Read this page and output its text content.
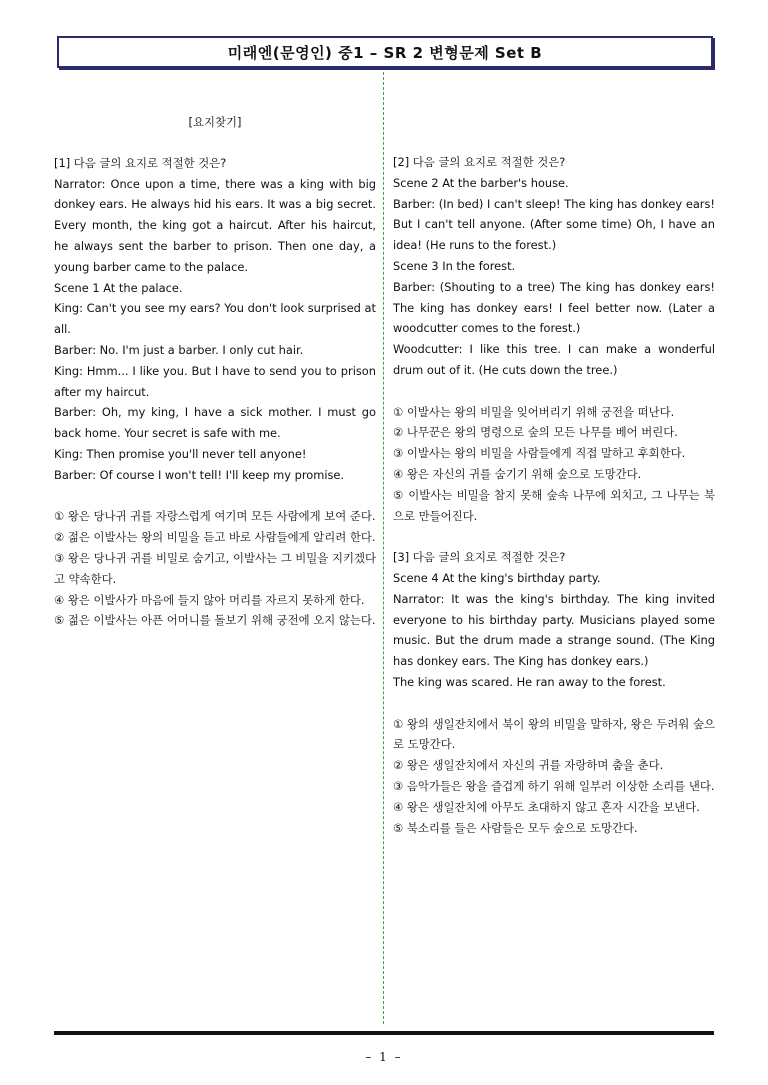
미래엔(문영인) 중1 – SR 2 변형문제 Set B

[요지찾기]

[1] 다음 글의 요지로 적절한 것은?

Narrator: Once upon a time, there was a king with big donkey ears. He always hid his ears. It was a big secret. Every month, the king got a haircut. After his haircut, he always sent the barber to prison. Then one day, a young barber came to the palace.

Scene 1 At the palace.

King: Can't you see my ears? You don't look surprised at all.

Barber: No. I'm just a barber. I only cut hair.

King: Hmm... I like you. But I have to send you to prison after my haircut.

Barber: Oh, my king, I have a sick mother. I must go back home. Your secret is safe with me.

King: Then promise you'll never tell anyone!

Barber: Of course I won't tell! I'll keep my promise.

① 왕은 당나귀 귀를 자랑스럽게 여기며 모든 사람에게 보여 준다.

② 젊은 이발사는 왕의 비밀을 듣고 바로 사람들에게 알리려 한다.

③ 왕은 당나귀 귀를 비밀로 숨기고, 이발사는 그 비밀을 지키겠다고 약속한다.

④ 왕은 이발사가 마음에 들지 않아 머리를 자르지 못하게 한다.

⑤ 젊은 이발사는 아픈 어머니를 돌보기 위해 궁전에 오지 않는다.

[2] 다음 글의 요지로 적절한 것은?

Scene 2 At the barber's house.

Barber: (In bed) I can't sleep! The king has donkey ears! But I can't tell anyone. (After some time) Oh, I have an idea! (He runs to the forest.)

Scene 3 In the forest.

Barber: (Shouting to a tree) The king has donkey ears! The king has donkey ears! I feel better now. (Later a woodcutter comes to the forest.)

Woodcutter: I like this tree. I can make a wonderful drum out of it. (He cuts down the tree.)

① 이발사는 왕의 비밀을 잊어버리기 위해 궁전을 떠난다.

② 나무꾼은 왕의 명령으로 숲의 모든 나무를 베어 버린다.

③ 이발사는 왕의 비밀을 사람들에게 직접 말하고 후회한다.

④ 왕은 자신의 귀를 숨기기 위해 숲으로 도망간다.

⑤ 이발사는 비밀을 참지 못해 숲속 나무에 외치고, 그 나무는 북으로 만들어진다.

[3] 다음 글의 요지로 적절한 것은?

Scene 4 At the king's birthday party.

Narrator: It was the king's birthday. The king invited everyone to his birthday party. Musicians played some music. But the drum made a strange sound. (The King has donkey ears. The King has donkey ears.)

The king was scared. He ran away to the forest.

① 왕의 생일잔치에서 북이 왕의 비밀을 말하자, 왕은 두려워 숲으로 도망간다.

② 왕은 생일잔치에서 자신의 귀를 자랑하며 춤을 춘다.

③ 음악가들은 왕을 즐겁게 하기 위해 일부러 이상한 소리를 낸다.

④ 왕은 생일잔치에 아무도 초대하지 않고 혼자 시간을 보낸다.

⑤ 북소리를 들은 사람들은 모두 숲으로 도망간다.

– 1 –
